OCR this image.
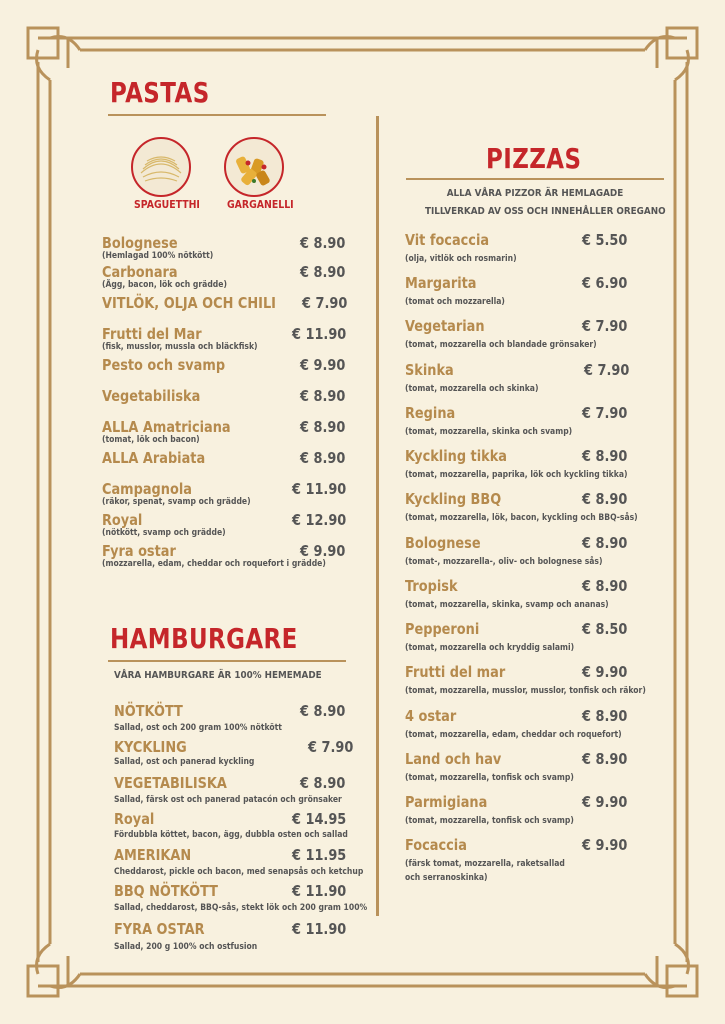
PASTAS
SPAGUETTHI GARGANELLI
Bolognese	€ 8.90
(Hemlagad 100% nötkött)
Carbonara	€ 8.90
(Ägg, bacon, lök och grädde)
VITLÖK, OLJA OCH CHILI € 7.90
Frutti del Mar	€ 11.90
(fisk, musslor, mussla och bläckfisk)
Pesto och svamp	€ 9.90
Vegetabiliska	€ 8.90
ALLA Amatriciana	€ 8.90
(tomat, lök och bacon)
ALLA Arabiata	€ 8.90
Campagnola	€ 11.90
(räkor, spenat, svamp och grädde)
Royal	€ 12.90
(nötkött, svamp och grädde)
Fyra ostar	€ 9.90
(mozzarella, edam, cheddar och roquefort i grädde)
HAMBURGARE
VÅRA HAMBURGARE ÄR 100% HEMEMADE
NÖTKÖTT	€ 8.90
Sallad, ost och 200 gram 100% nötkött
KYCKLING	€ 7.90
Sallad, ost och panerad kyckling
VEGETABILISKA	€ 8.90
Sallad, färsk ost och panerad patacón och grönsaker
Royal	€ 14.95
Fördubbla köttet, bacon, ägg, dubbla osten och sallad
AMERIKAN	€ 11.95
Cheddarost, pickle och bacon, med senapsås och ketchup
BBQ NÖTKÖTT	€ 11.90
Sallad, cheddarost, BBQ-sås, stekt lök och 200 gram 100%
FYRA OSTAR	€ 11.90
Sallad, 200 g 100% och ostfusion
PIZZAS
ALLA VÅRA PIZZOR ÄR HEMLAGADE
TILLVERKAD AV OSS OCH INNEHÅLLER OREGANO
Vit focaccia	€ 5.50
(olja, vitlök och rosmarin)
Margarita	€ 6.90
(tomat och mozzarella)
Vegetarian	€ 7.90
(tomat, mozzarella och blandade grönsaker)
Skinka	€ 7.90
(tomat, mozzarella och skinka)
Regina	€ 7.90
(tomat, mozzarella, skinka och svamp)
Kyckling tikka	€ 8.90
(tomat, mozzarella, paprika, lök och kyckling tikka)
Kyckling BBQ	€ 8.90
(tomat, mozzarella, lök, bacon, kyckling och BBQ-sås)
Bolognese	€ 8.90
(tomat-, mozzarella-, oliv- och bolognese sås)
Tropisk	€ 8.90
(tomat, mozzarella, skinka, svamp och ananas)
Pepperoni	€ 8.50
(tomat, mozzarella och kryddig salami)
Frutti del mar	€ 9.90
(tomat, mozzarella, musslor, musslor, tonfisk och räkor)
4 ostar	€ 8.90
(tomat, mozzarella, edam, cheddar och roquefort)
Land och hav	€ 8.90
(tomat, mozzarella, tonfisk och svamp)
Parmigiana	€ 9.90
(tomat, mozzarella, tonfisk och svamp)
Focaccia	€ 9.90
(färsk tomat, mozzarella, raketsallad
och serranoskinka)
